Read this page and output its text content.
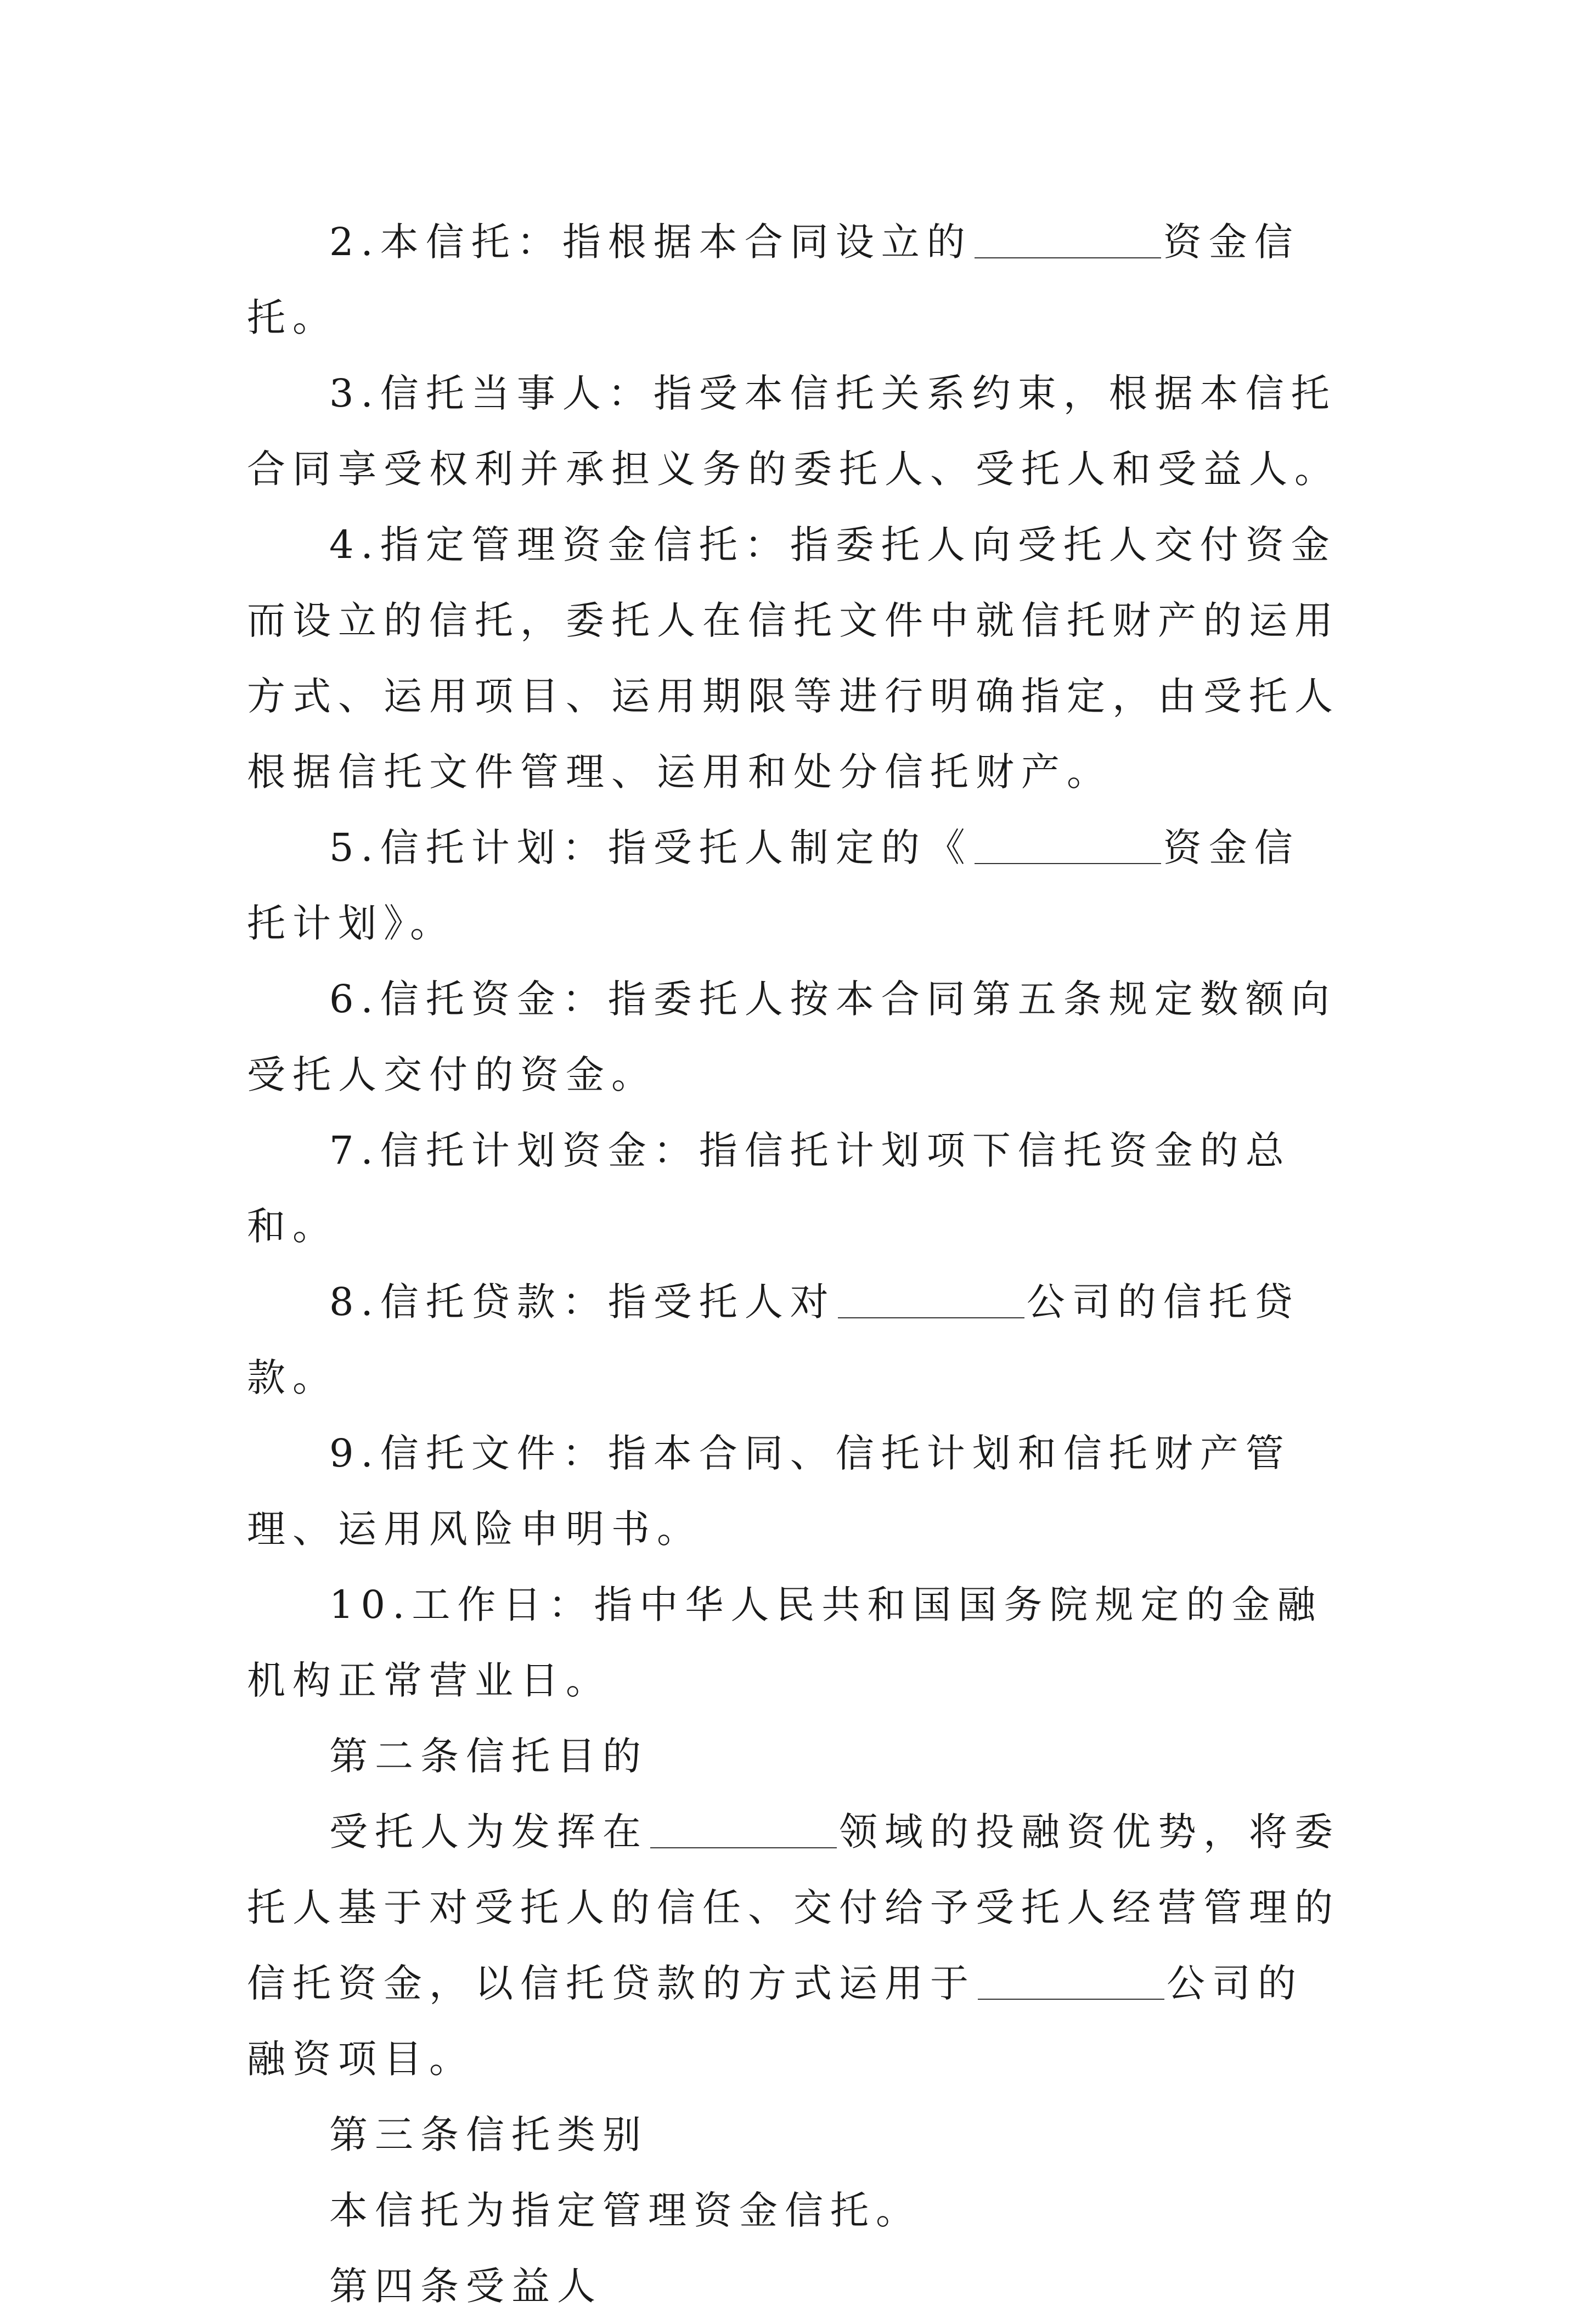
2.本信托：指根据本合同设立的	资金信托。

3.信托当事人：指受本信托关系约束，根据本信托合同享受权利并承担义务的委托人、受托人和受益人。

4.指定管理资金信托：指委托人向受托人交付资金而设立的信托，委托人在信托文件中就信托财产的运用方式、运用项目、运用期限等进行明确指定，由受托人根据信托文件管理、运用和处分信托财产。

5.信托计划：指受托人制定的《	资金信托计划》。

6.信托资金：指委托人按本合同第五条规定数额向受托人交付的资金。

7.信托计划资金：指信托计划项下信托资金的总和。

8.信托贷款：指受托人对	公司的信托贷款。

9.信托文件：指本合同、信托计划和信托财产管理、运用风险申明书。

10.工作日：指中华人民共和国国务院规定的金融机构正常营业日。

第二条信托目的

受托人为发挥在	领域的投融资优势，将委托人基于对受托人的信任、交付给予受托人经营管理的信托资金，以信托贷款的方式运用于	公司的融资项目。

第三条信托类别

本信托为指定管理资金信托。

第四条受益人
